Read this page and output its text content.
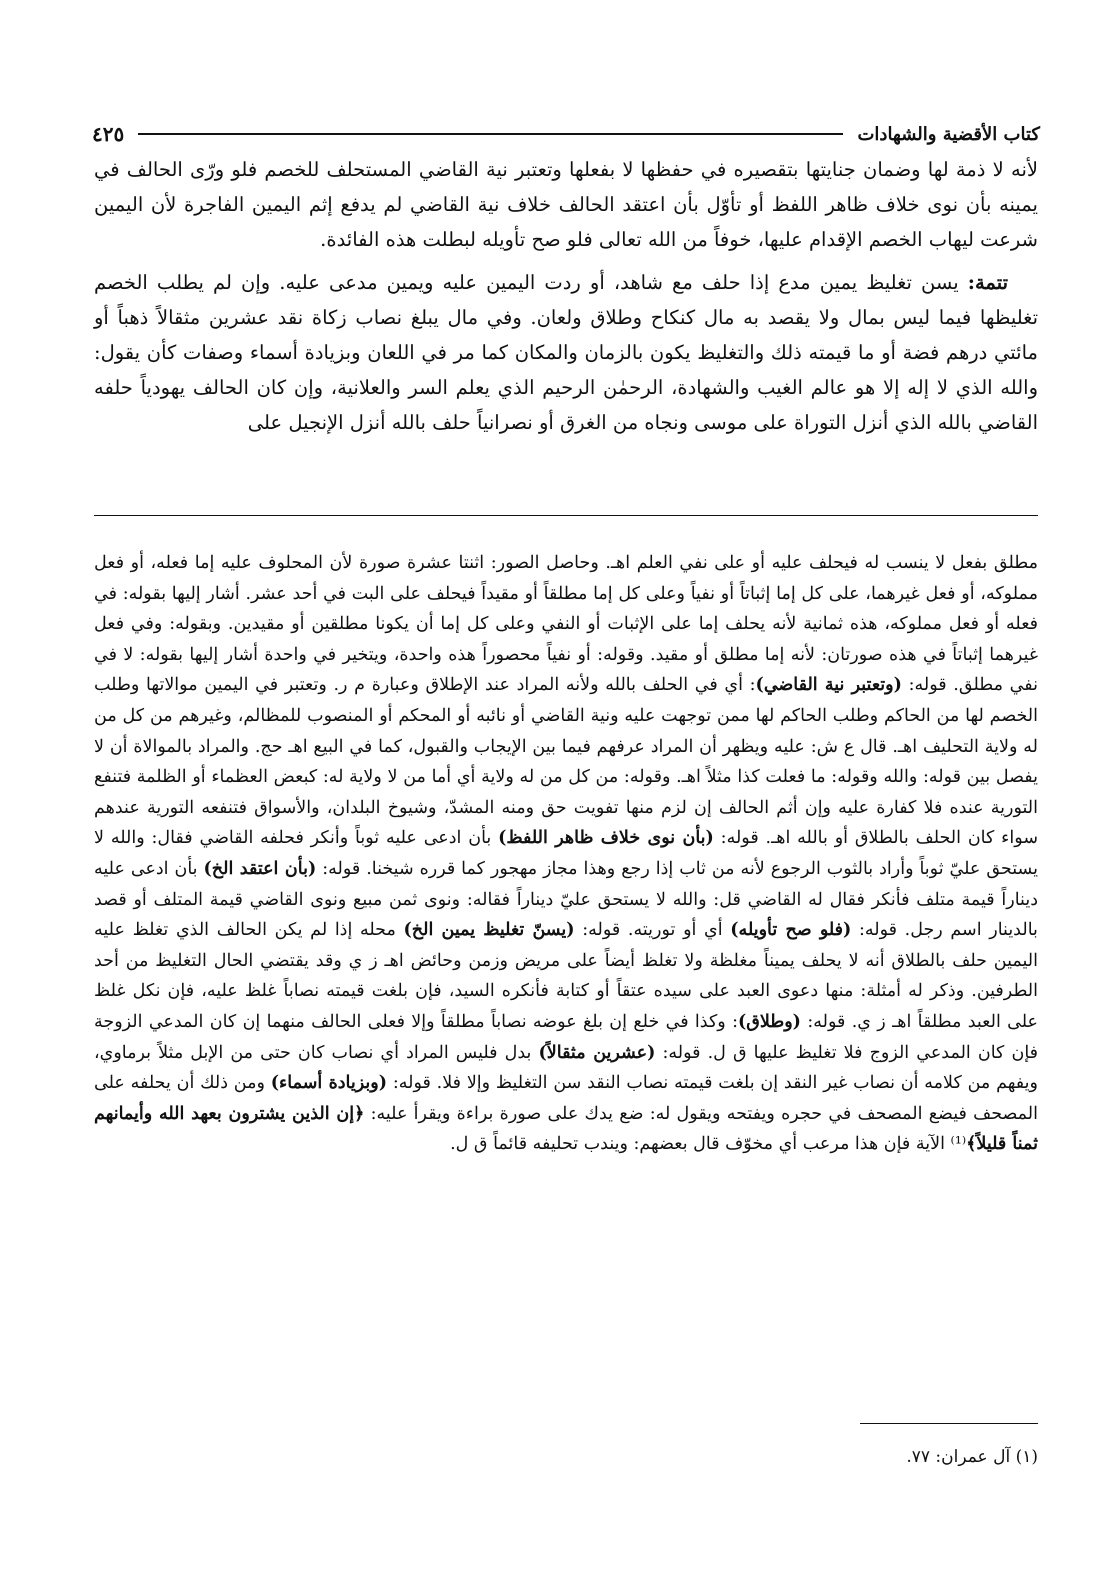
كتاب الأقضية والشهادات
٤٢٥

لأنه لا ذمة لها وضمان جنايتها بتقصيره في حفظها لا بفعلها وتعتبر نية القاضي المستحلف للخصم فلو ورّى الحالف في يمينه بأن نوى خلاف ظاهر اللفظ أو تأوّل بأن اعتقد الحالف خلاف نية القاضي لم يدفع إثم اليمين الفاجرة لأن اليمين شرعت ليهاب الخصم الإقدام عليها، خوفاً من الله تعالى فلو صح تأويله لبطلت هذه الفائدة.

تتمة: يسن تغليظ يمين مدع إذا حلف مع شاهد، أو ردت اليمين عليه ويمين مدعى عليه. وإن لم يطلب الخصم تغليظها فيما ليس بمال ولا يقصد به مال كنكاح وطلاق ولعان. وفي مال يبلغ نصاب زكاة نقد عشرين مثقالاً ذهباً أو مائتي درهم فضة أو ما قيمته ذلك والتغليظ يكون بالزمان والمكان كما مر في اللعان وبزيادة أسماء وصفات كأن يقول: والله الذي لا إله إلا هو عالم الغيب والشهادة، الرحمٰن الرحيم الذي يعلم السر والعلانية، وإن كان الحالف يهودياً حلفه القاضي بالله الذي أنزل التوراة على موسى ونجاه من الغرق أو نصرانياً حلف بالله أنزل الإنجيل على

مطلق بفعل لا ينسب له فيحلف عليه أو على نفي العلم اهـ. وحاصل الصور: اثنتا عشرة صورة لأن المحلوف عليه إما فعله، أو فعل مملوكه، أو فعل غيرهما، على كل إما إثباتاً أو نفياً وعلى كل إما مطلقاً أو مقيداً فيحلف على البت في أحد عشر. أشار إليها بقوله: في فعله أو فعل مملوكه، هذه ثمانية لأنه يحلف إما على الإثبات أو النفي وعلى كل إما أن يكونا مطلقين أو مقيدين. وبقوله: وفي فعل غيرهما إثباتاً في هذه صورتان: لأنه إما مطلق أو مقيد. وقوله: أو نفياً محصوراً هذه واحدة، ويتخير في واحدة أشار إليها بقوله: لا في نفي مطلق. قوله: (وتعتبر نية القاضي): أي في الحلف بالله ولأنه المراد عند الإطلاق وعبارة م ر. وتعتبر في اليمين موالاتها وطلب الخصم لها من الحاكم وطلب الحاكم لها ممن توجهت عليه ونية القاضي أو نائبه أو المحكم أو المنصوب للمظالم، وغيرهم من كل من له ولاية التحليف اهـ. قال ع ش: عليه ويظهر أن المراد عرفهم فيما بين الإيجاب والقبول، كما في البيع اهـ حج. والمراد بالموالاة أن لا يفصل بين قوله: والله وقوله: ما فعلت كذا مثلاً اهـ. وقوله: من كل من له ولاية أي أما من لا ولاية له: كبعض العظماء أو الظلمة فتنفع التورية عنده فلا كفارة عليه وإن أثم الحالف إن لزم منها تفويت حق ومنه المشدّ، وشيوخ البلدان، والأسواق فتنفعه التورية عندهم سواء كان الحلف بالطلاق أو بالله اهـ. قوله: (بأن نوى خلاف ظاهر اللفظ) بأن ادعى عليه ثوباً وأنكر فحلفه القاضي فقال: والله لا يستحق عليّ ثوباً وأراد بالثوب الرجوع لأنه من ثاب إذا رجع وهذا مجاز مهجور كما قرره شيخنا. قوله: (بأن اعتقد الخ) بأن ادعى عليه ديناراً قيمة متلف فأنكر فقال له القاضي قل: والله لا يستحق عليّ ديناراً فقاله: ونوى ثمن مبيع ونوى القاضي قيمة المتلف أو قصد بالدينار اسم رجل. قوله: (فلو صح تأويله) أي أو توريته. قوله: (يسنّ تغليظ يمين الخ) محله إذا لم يكن الحالف الذي تغلظ عليه اليمين حلف بالطلاق أنه لا يحلف يميناً مغلظة ولا تغلظ أيضاً على مريض وزمن وحائض اهـ ز ي وقد يقتضي الحال التغليظ من أحد الطرفين. وذكر له أمثلة: منها دعوى العبد على سيده عتقاً أو كتابة فأنكره السيد، فإن بلغت قيمته نصاباً غلظ عليه، فإن نكل غلظ على العبد مطلقاً اهـ ز ي. قوله: (وطلاق): وكذا في خلع إن بلغ عوضه نصاباً مطلقاً وإلا فعلى الحالف منهما إن كان المدعي الزوجة فإن كان المدعي الزوج فلا تغليظ عليها ق ل. قوله: (عشرين مثقالاً) بدل فليس المراد أي نصاب كان حتى من الإبل مثلاً برماوي، ويفهم من كلامه أن نصاب غير النقد إن بلغت قيمته نصاب النقد سن التغليظ وإلا فلا. قوله: (وبزيادة أسماء) ومن ذلك أن يحلفه على المصحف فيضع المصحف في حجره ويفتحه ويقول له: ضع يدك على صورة براءة ويقرأ عليه: ﴿إن الذين يشترون بعهد الله وأيمانهم ثمناً قليلاً﴾⁽¹⁾ الآية فإن هذا مرعب أي مخوّف قال بعضهم: ويندب تحليفه قائماً ق ل.

(١) آل عمران: ٧٧.
